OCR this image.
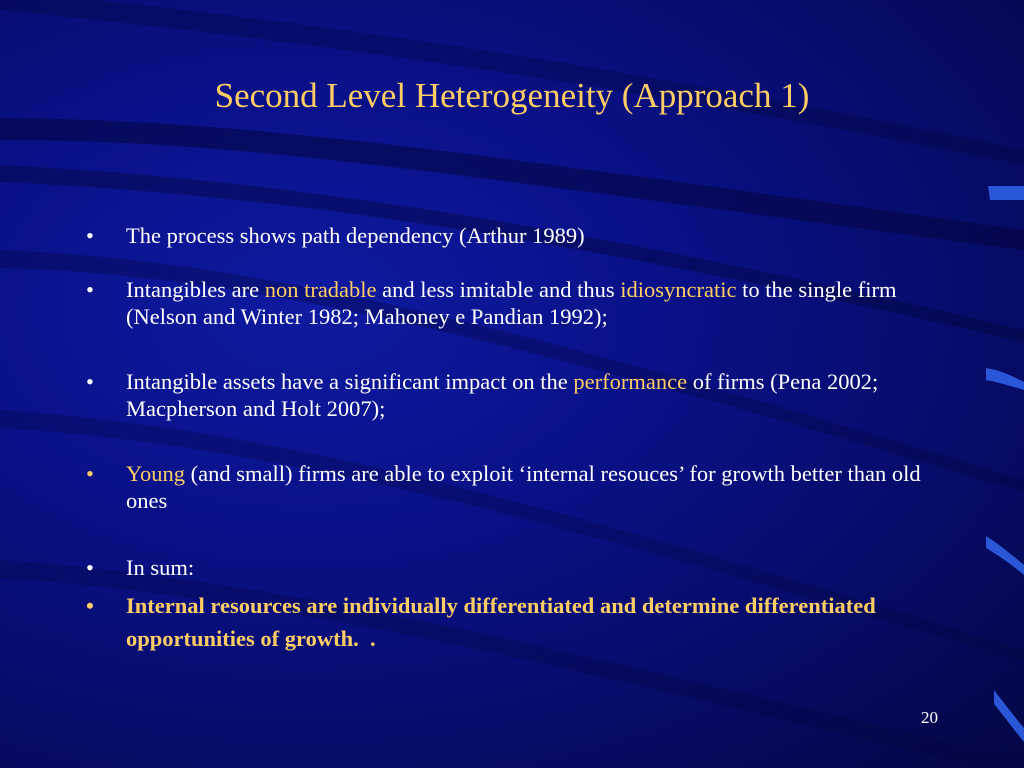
Second Level Heterogeneity (Approach 1)
• The process shows path dependency (Arthur 1989)
• Intangibles are non tradable and less imitable and thus idiosyncratic to the single firm (Nelson and Winter 1982; Mahoney e Pandian 1992);
• Intangible assets have a significant impact on the performance of firms (Pena 2002; Macpherson and Holt 2007);
• Young (and small) firms are able to exploit ‘internal resouces’ for growth better than old ones
• In sum:
• Internal resources are individually differentiated and determine differentiated opportunities of growth.  .
20
